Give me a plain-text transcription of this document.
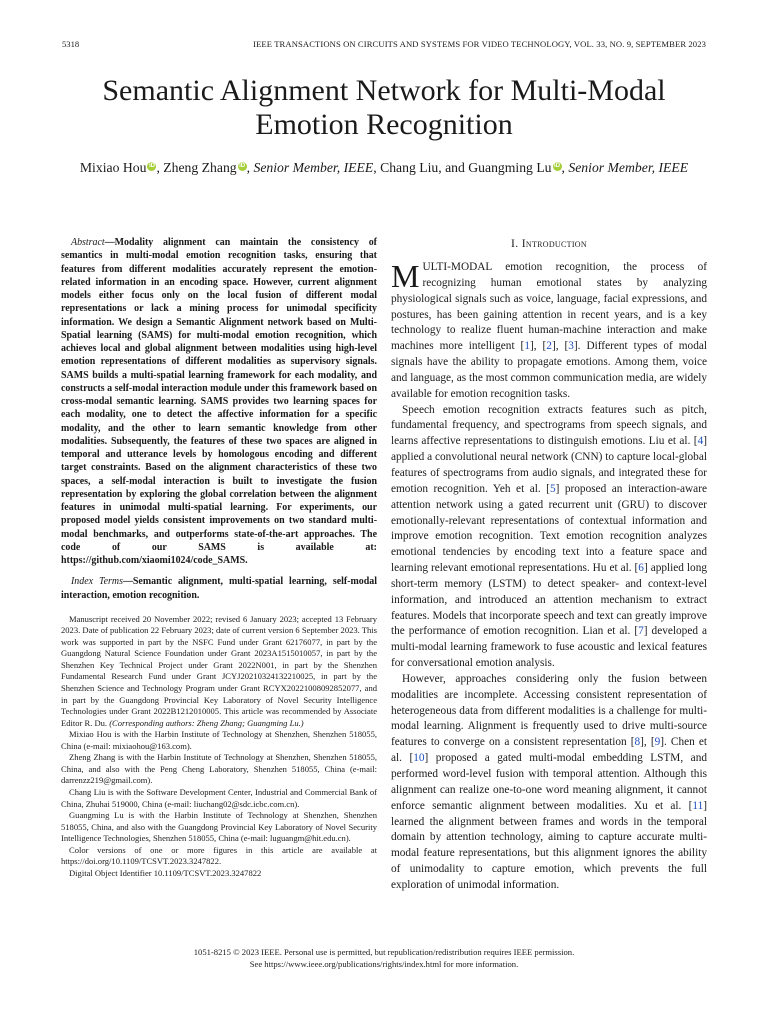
5318	IEEE TRANSACTIONS ON CIRCUITS AND SYSTEMS FOR VIDEO TECHNOLOGY, VOL. 33, NO. 9, SEPTEMBER 2023
Semantic Alignment Network for Multi-Modal
Emotion Recognition
Mixiao Hou iD , Zheng Zhang iD , Senior Member, IEEE, Chang Liu, and Guangming Lu iD , Senior Member, IEEE

Abstract—Modality alignment can maintain the consistency of semantics in multi-modal emotion recognition tasks, ensuring that features from different modalities accurately represent the emotion-related information in an encoding space. However, current alignment models either focus only on the local fusion of different modal representations or lack a mining process for unimodal specificity information. We design a Semantic Alignment network based on Multi-Spatial learning (SAMS) for multi-modal emotion recognition, which achieves local and global alignment between modalities using high-level emotion representations of different modalities as supervisory signals. SAMS builds a multi-spatial learning framework for each modality, and constructs a self-modal interaction module under this framework based on cross-modal semantic learning. SAMS provides two learning spaces for each modality, one to detect the affective information for a specific modality, and the other to learn semantic knowledge from other modalities. Subsequently, the features of these two spaces are aligned in temporal and utterance levels by homologous encoding and different target constraints. Based on the alignment characteristics of these two spaces, a self-modal interaction is built to investigate the fusion representation by exploring the global correlation between the alignment features in unimodal multi-spatial learning. For experiments, our proposed model yields consistent improvements on two standard multi-modal benchmarks, and outperforms state-of-the-art approaches. The code of our SAMS is available at: https://github.com/xiaomi1024/code_SAMS.

Index Terms—Semantic alignment, multi-spatial learning, self-modal interaction, emotion recognition.

Manuscript received 20 November 2022; revised 6 January 2023; accepted 13 February 2023. Date of publication 22 February 2023; date of current version 6 September 2023. This work was supported in part by the NSFC Fund under Grant 62176077, in part by the Guangdong Natural Science Foundation under Grant 2023A1515010057, in part by the Shenzhen Key Technical Project under Grant 2022N001, in part by the Shenzhen Fundamental Research Fund under Grant JCYJ20210324132210025, in part by the Shenzhen Science and Technology Program under Grant RCYX20221008092852077, and in part by the Guangdong Provincial Key Laboratory of Novel Security Intelligence Technologies under Grant 2022B1212010005. This article was recommended by Associate Editor R. Du. (Corresponding authors: Zheng Zhang; Guangming Lu.)

Mixiao Hou is with the Harbin Institute of Technology at Shenzhen, Shenzhen 518055, China (e-mail: mixiaohou@163.com).

Zheng Zhang is with the Harbin Institute of Technology at Shenzhen, Shenzhen 518055, China, and also with the Peng Cheng Laboratory, Shenzhen 518055, China (e-mail: darrenzz219@gmail.com).

Chang Liu is with the Software Development Center, Industrial and Commercial Bank of China, Zhuhai 519000, China (e-mail: liuchang02@sdc.icbc.com.cn).

Guangming Lu is with the Harbin Institute of Technology at Shenzhen, Shenzhen 518055, China, and also with the Guangdong Provincial Key Laboratory of Novel Security Intelligence Technologies, Shenzhen 518055, China (e-mail: luguangm@hit.edu.cn).

Color versions of one or more figures in this article are available at https://doi.org/10.1109/TCSVT.2023.3247822.

Digital Object Identifier 10.1109/TCSVT.2023.3247822

I. Introduction

MULTI-MODAL emotion recognition, the process of recognizing human emotional states by analyzing physiological signals such as voice, language, facial expressions, and postures, has been gaining attention in recent years, and is a key technology to realize fluent human-machine interaction and make machines more intelligent [1], [2], [3]. Different types of modal signals have the ability to propagate emotions. Among them, voice and language, as the most common communication media, are widely available for emotion recognition tasks.

Speech emotion recognition extracts features such as pitch, fundamental frequency, and spectrograms from speech signals, and learns affective representations to distinguish emotions. Liu et al. [4] applied a convolutional neural network (CNN) to capture local-global features of spectrograms from audio signals, and integrated these for emotion recognition. Yeh et al. [5] proposed an interaction-aware attention network using a gated recurrent unit (GRU) to discover emotionally-relevant representations of contextual information and improve emotion recognition. Text emotion recognition analyzes emotional tendencies by encoding text into a feature space and learning relevant emotional representations. Hu et al. [6] applied long short-term memory (LSTM) to detect speaker- and context-level information, and introduced an attention mechanism to extract features. Models that incorporate speech and text can greatly improve the performance of emotion recognition. Lian et al. [7] developed a multi-modal learning framework to fuse acoustic and lexical features for conversational emotion analysis.

However, approaches considering only the fusion between modalities are incomplete. Accessing consistent representation of heterogeneous data from different modalities is a challenge for multi-modal learning. Alignment is frequently used to drive multi-source features to converge on a consistent representation [8], [9]. Chen et al. [10] proposed a gated multi-modal embedding LSTM, and performed word-level fusion with temporal attention. Although this alignment can realize one-to-one word meaning alignment, it cannot enforce semantic alignment between modalities. Xu et al. [11] learned the alignment between frames and words in the temporal domain by attention technology, aiming to capture accurate multi-modal feature representations, but this alignment ignores the ability of unimodality to capture emotion, which prevents the full exploration of unimodal information.

1051-8215 © 2023 IEEE. Personal use is permitted, but republication/redistribution requires IEEE permission.
See https://www.ieee.org/publications/rights/index.html for more information.
